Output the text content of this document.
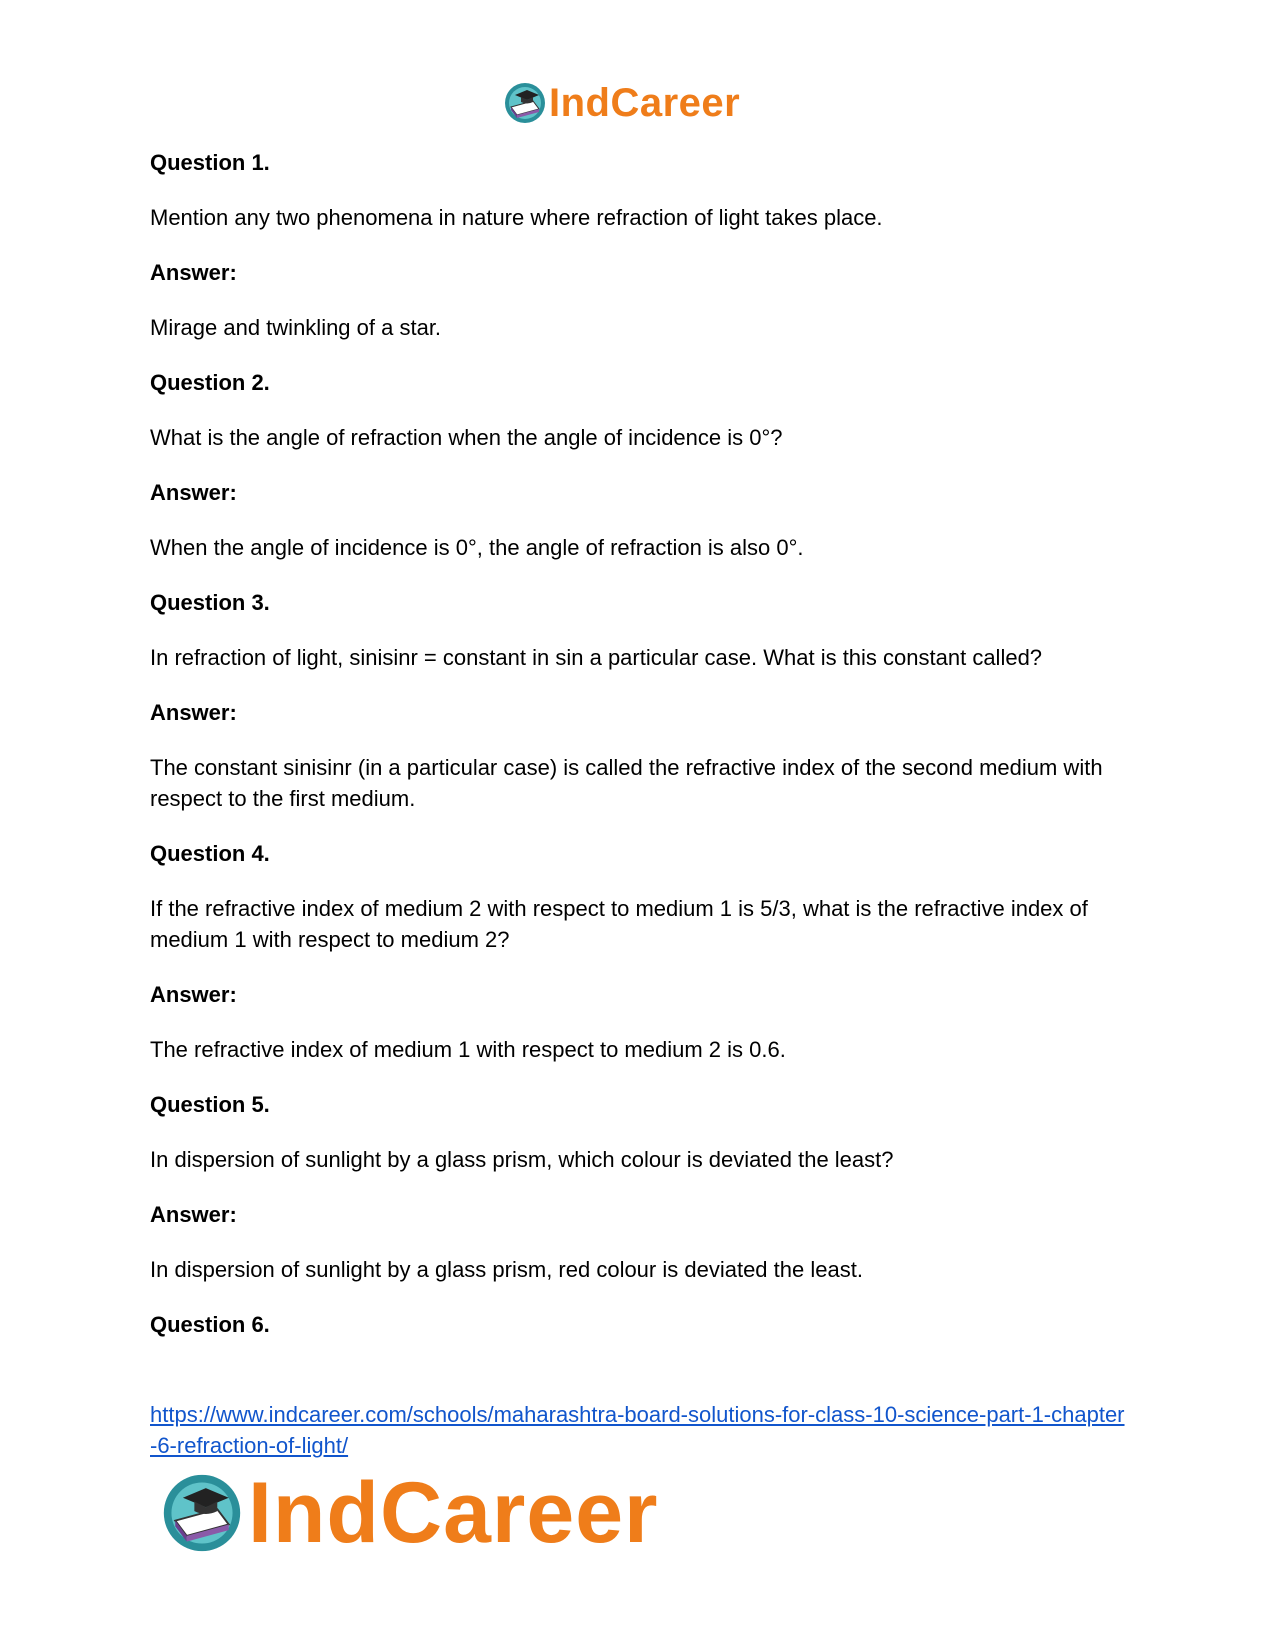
IndCareer

Question 1.

Mention any two phenomena in nature where refraction of light takes place.

Answer:

Mirage and twinkling of a star.

Question 2.

What is the angle of refraction when the angle of incidence is 0°?

Answer:

When the angle of incidence is 0°, the angle of refraction is also 0°.

Question 3.

In refraction of light, sinisinr = constant in sin a particular case. What is this constant called?

Answer:

The constant sinisinr (in a particular case) is called the refractive index of the second medium with respect to the first medium.

Question 4.

If the refractive index of medium 2 with respect to medium 1 is 5/3, what is the refractive index of medium 1 with respect to medium 2?

Answer:

The refractive index of medium 1 with respect to medium 2 is 0.6.

Question 5.

In dispersion of sunlight by a glass prism, which colour is deviated the least?

Answer:

In dispersion of sunlight by a glass prism, red colour is deviated the least.

Question 6.

https://www.indcareer.com/schools/maharashtra-board-solutions-for-class-10-science-part-1-chapter-6-refraction-of-light/
IndCareer
